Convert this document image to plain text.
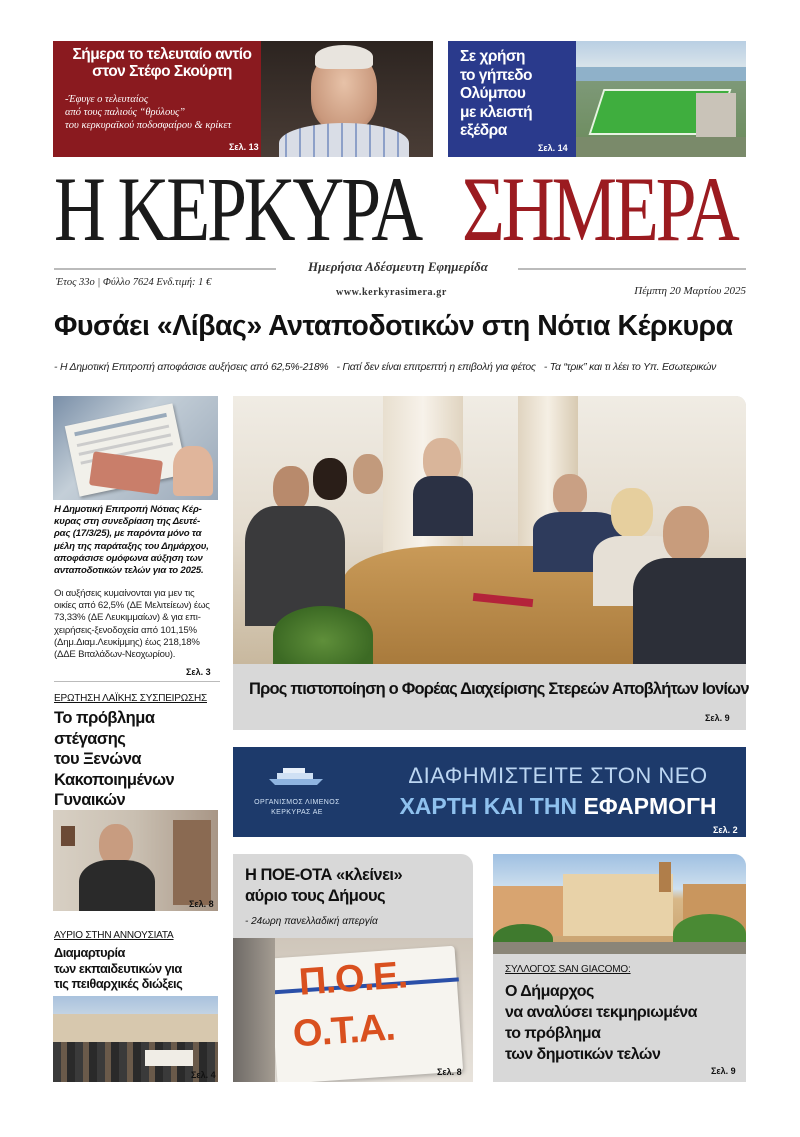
Σήμερα το τελευταίο αντίο στον Στέφο Σκούρτη
-Έφυγε ο τελευταίος
από τους παλιούς “θρύλους”
του κερκυραϊκού ποδοσφαίρου & κρίκετ
Σελ. 13
Σε χρήση
το γήπεδο
Ολύμπου
με κλειστή
εξέδρα
Σελ. 14
Η ΚΕΡΚΥΡΑ ΣΗΜΕΡΑ
Ημερήσια Αδέσμευτη Εφημερίδα
Έτος 33ο | Φύλλο 7624 Ενδ.τιμή: 1 €
www.kerkyrasimera.gr	Πέμπτη 20 Μαρτίου 2025
Φυσάει «Λίβας» Ανταποδοτικών στη Νότια Κέρκυρα
- Η Δημοτική Επιτροπή αποφάσισε αυξήσεις από 62,5%-218% - Γιατί δεν είναι επιτρεπτή η επιβολή για φέτος - Τα “τρικ” και τι λέει το Υπ. Εσωτερικών
Η Δημοτική Επιτροπή Νότιας Κέρ-
κυρας στη συνεδρίαση της Δευτέ-
ρας (17/3/25), με παρόντα μόνο τα
μέλη της παράταξης του Δημάρχου,
αποφάσισε ομόφωνα αύξηση των
ανταποδοτικών τελών για το 2025.
Οι αυξήσεις κυμαίνονται για μεν τις
οικίες από 62,5% (ΔΕ Μελιτείεων) έως
73,33% (ΔΕ Λευκιμμαίων) & για επι-
χειρήσεις-ξενοδοχεία από 101,15%
(Δημ.Διαμ.Λευκίμμης) έως 218,18%
(ΔΔΕ Βιταλάδων-Νεοχωρίου).
Σελ. 3
ΕΡΩΤΗΣΗ ΛΑΪΚΗΣ ΣΥΣΠΕΙΡΩΣΗΣ
Το πρόβλημα
στέγασης
του Ξενώνα
Κακοποιημένων
Γυναικών
Σελ. 8
ΑΥΡΙΟ ΣΤΗΝ ΑΝΝΟΥΣΙΑΤΑ
Διαμαρτυρία
των εκπαιδευτικών για
τις πειθαρχικές διώξεις
Σελ. 4
Προς πιστοποίηση ο Φορέας Διαχείρισης Στερεών Αποβλήτων Ιονίων
Σελ. 9
ΟΡΓΑΝΙΣΜΟΣ ΛΙΜΕΝΟΣ
ΚΕΡΚΥΡΑΣ ΑΕ
ΔΙΑΦΗΜΙΣΤΕΙΤΕ ΣΤΟΝ ΝΕΟ
ΧΑΡΤΗ ΚΑΙ ΤΗΝ ΕΦΑΡΜΟΓΗ
Σελ. 2
Η ΠΟΕ-ΟΤΑ «κλείνει»
αύριο τους Δήμους
- 24ωρη πανελλαδική απεργία
Π.Ο.Ε.
Ο.Τ.Α.
Σελ. 8
ΣΥΛΛΟΓΟΣ SAN GIACOMO:
Ο Δήμαρχος
να αναλύσει τεκμηριωμένα
το πρόβλημα
των δημοτικών τελών
Σελ. 9
